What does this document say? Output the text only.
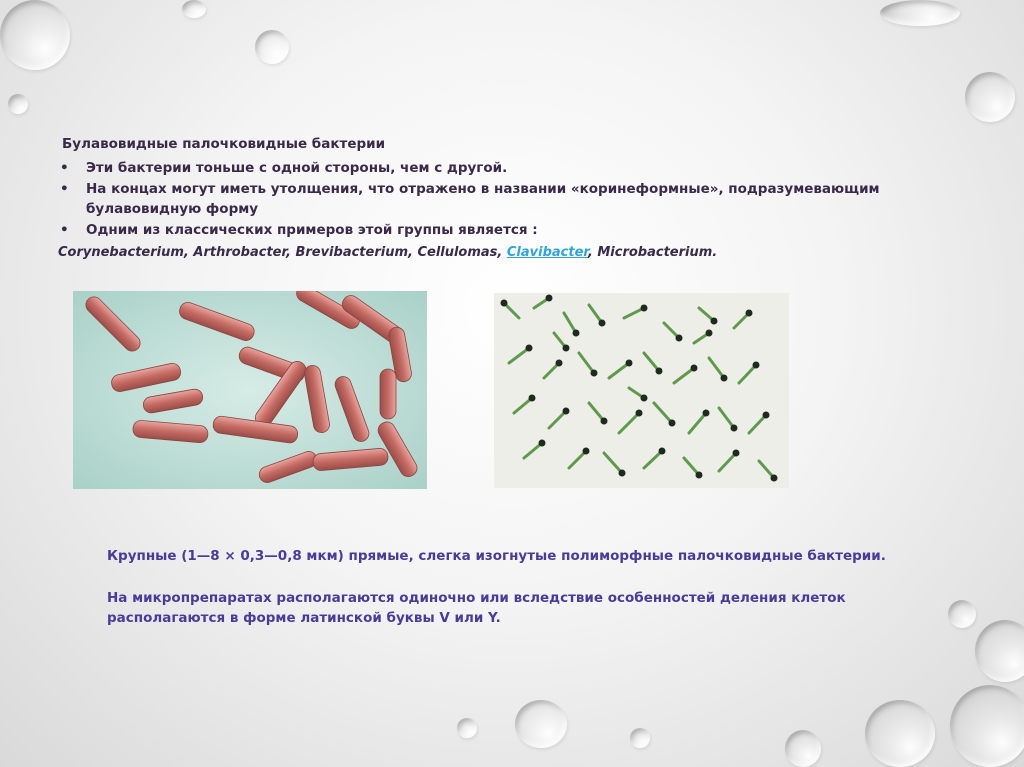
Булавовидные палочковидные бактерии
• Эти бактерии тоньше с одной стороны, чем с другой.
• На концах могут иметь утолщения, что отражено в названии «коринеформные», подразумевающим булавовидную форму
• Одним из классических примеров этой группы является :
Corynebacterium, Arthrobacter, Brevibacterium, Cellulomas, Clavibacter, Microbacterium.
Крупные (1—8 × 0,3—0,8 мкм) прямые, слегка изогнутые полиморфные палочковидные бактерии.
На микропрепаратах располагаются одиночно или вследствие особенностей деления клеток
располагаются в форме латинской буквы V или Y.
